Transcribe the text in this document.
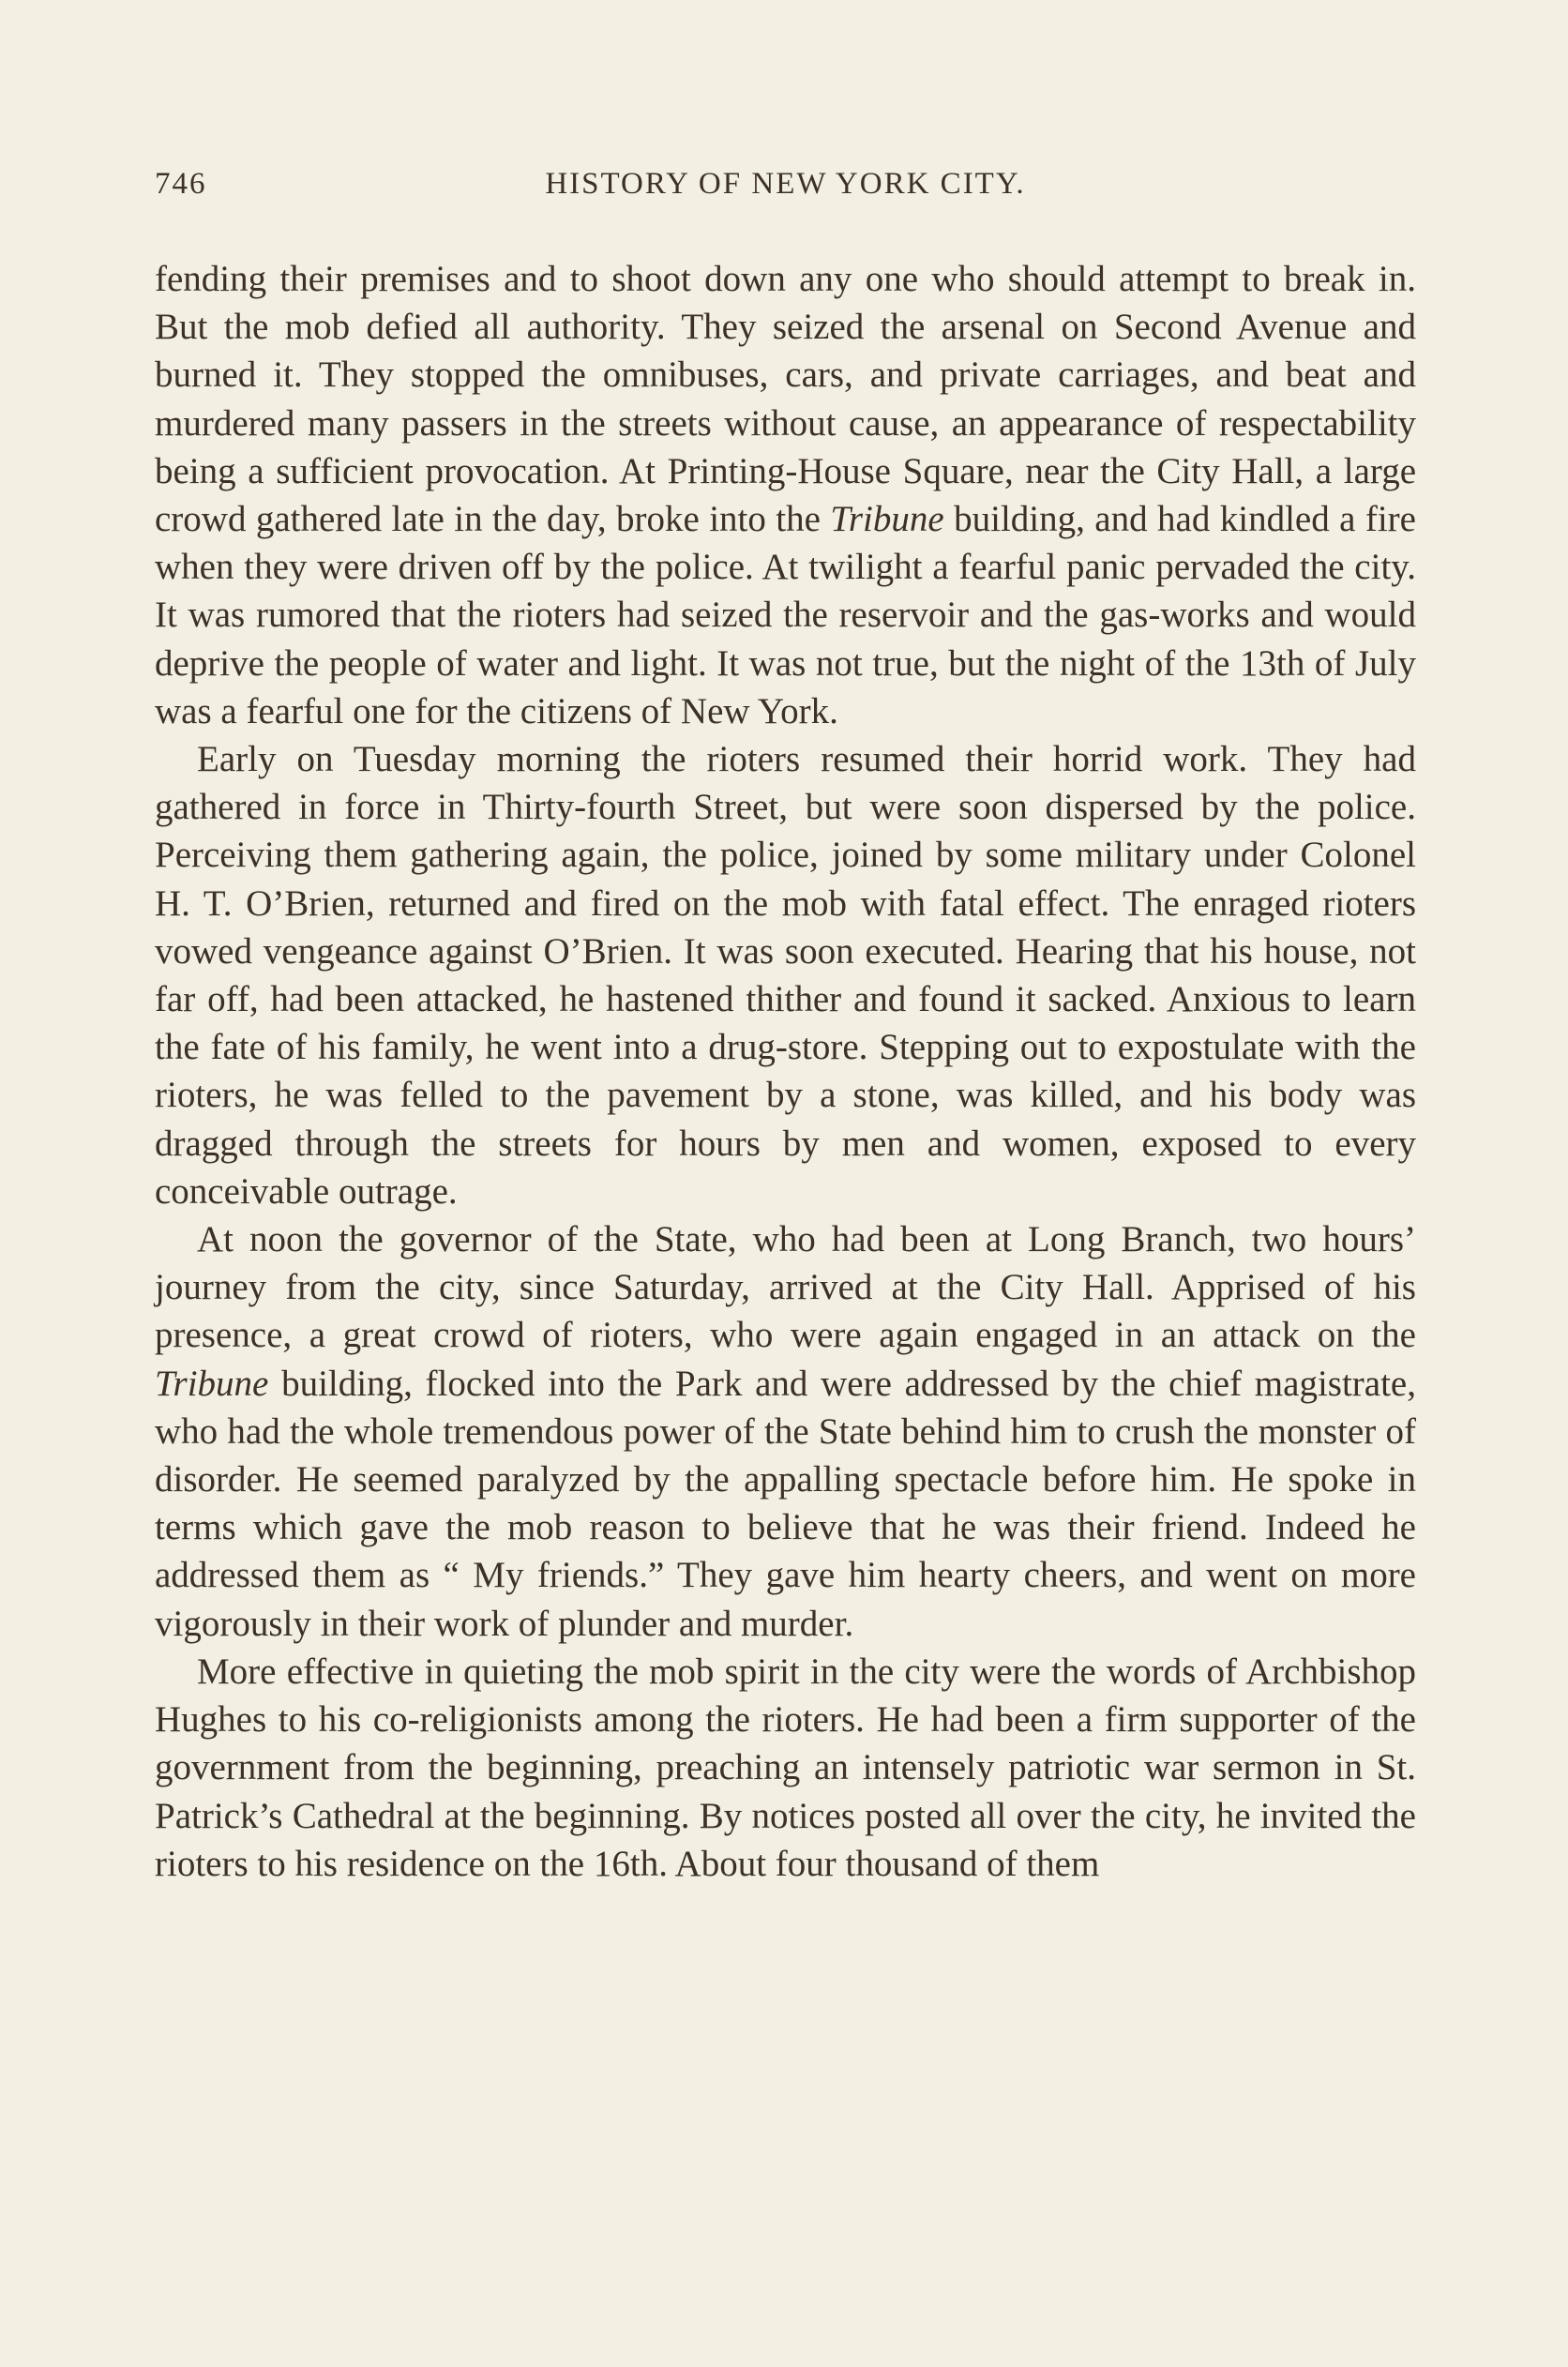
746	HISTORY OF NEW YORK CITY.

fending their premises and to shoot down any one who should attempt to break in. But the mob defied all authority. They seized the arsenal on Second Avenue and burned it. They stopped the omnibuses, cars, and private carriages, and beat and murdered many passers in the streets without cause, an appearance of respectability being a sufficient provocation. At Printing-House Square, near the City Hall, a large crowd gathered late in the day, broke into the Tribune building, and had kindled a fire when they were driven off by the police. At twilight a fearful panic pervaded the city. It was rumored that the rioters had seized the reservoir and the gas-works and would deprive the people of water and light. It was not true, but the night of the 13th of July was a fearful one for the citizens of New York.

Early on Tuesday morning the rioters resumed their horrid work. They had gathered in force in Thirty-fourth Street, but were soon dispersed by the police. Perceiving them gathering again, the police, joined by some military under Colonel H. T. O’Brien, returned and fired on the mob with fatal effect. The enraged rioters vowed vengeance against O’Brien. It was soon executed. Hearing that his house, not far off, had been attacked, he hastened thither and found it sacked. Anxious to learn the fate of his family, he went into a drug-store. Stepping out to expostulate with the rioters, he was felled to the pavement by a stone, was killed, and his body was dragged through the streets for hours by men and women, exposed to every conceivable outrage.

At noon the governor of the State, who had been at Long Branch, two hours’ journey from the city, since Saturday, arrived at the City Hall. Apprised of his presence, a great crowd of rioters, who were again engaged in an attack on the Tribune building, flocked into the Park and were addressed by the chief magistrate, who had the whole tremendous power of the State behind him to crush the monster of disorder. He seemed paralyzed by the appalling spectacle before him. He spoke in terms which gave the mob reason to believe that he was their friend. Indeed he addressed them as “ My friends.” They gave him hearty cheers, and went on more vigorously in their work of plunder and murder.

More effective in quieting the mob spirit in the city were the words of Archbishop Hughes to his co-religionists among the rioters. He had been a firm supporter of the government from the beginning, preaching an intensely patriotic war sermon in St. Patrick’s Cathedral at the beginning. By notices posted all over the city, he invited the rioters to his residence on the 16th. About four thousand of them
